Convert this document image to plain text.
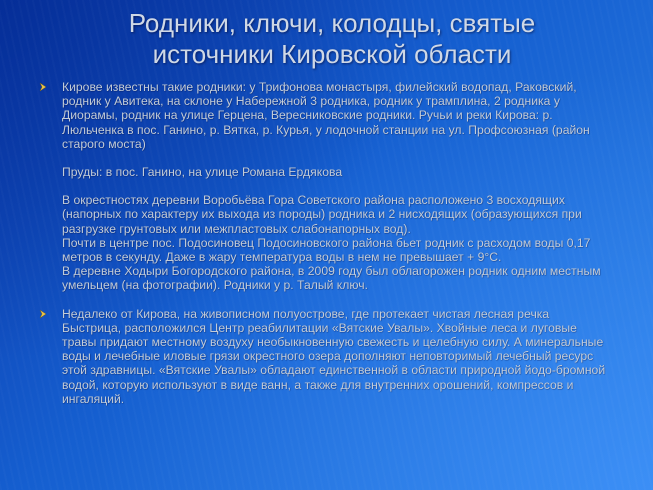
Родники, ключи, колодцы, святые
источники Кировской области

Кирове известны такие родники: у Трифонова монастыря, филейский водопад, Раковский, родник у Авитека, на склоне у Набережной 3 родника, родник у трамплина, 2 родника у Диорамы, родник на улице Герцена, Вересниковские родники. Ручьи и реки Кирова: р. Люльченка в пос. Ганино, р. Вятка, р. Курья, у лодочной станции на ул. Профсоюзная (район старого моста)

Пруды: в пос. Ганино, на улице Романа Ердякова

В окрестностях деревни Воробьёва Гора Советского района расположено 3 восходящих (напорных по характеру их выхода из породы) родника и 2 нисходящих (образующихся при разгрузке грунтовых или межпластовых слабонапорных вод).

Почти в центре пос. Подосиновец Подосиновского района бьет родник с расходом воды 0,17 метров в секунду. Даже в жару температура воды в нем не превышает + 9°С.

В деревне Ходыри Богородского района, в 2009 году был облагорожен родник одним местным умельцем (на фотографии). Родники у р. Талый ключ.

Недалеко от Кирова, на живописном полуострове, где протекает чистая лесная речка Быстрица, расположился Центр реабилитации «Вятские Увалы». Хвойные леса и луговые травы придают местному воздуху необыкновенную свежесть и целебную силу. А минеральные воды и лечебные иловые грязи окрестного озера дополняют неповторимый лечебный ресурс этой здравницы. «Вятские Увалы» обладают единственной в области природной йодо-бромной водой, которую используют в виде ванн, а также для внутренних орошений, компрессов и ингаляций.
